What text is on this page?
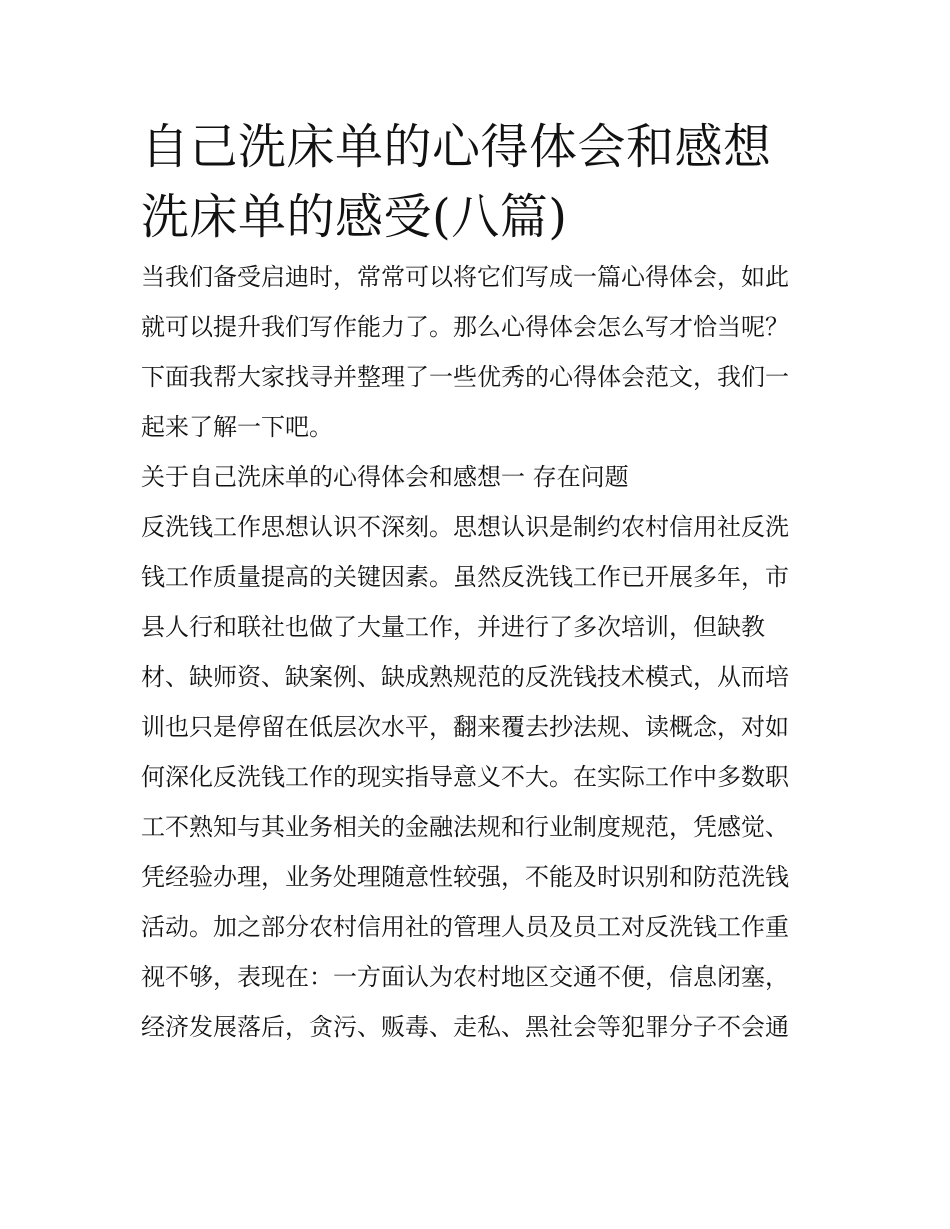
自己洗床单的心得体会和感想
洗床单的感受(八篇)
当我们备受启迪时，常常可以将它们写成一篇心得体会，如此
就可以提升我们写作能力了。那么心得体会怎么写才恰当呢？
下面我帮大家找寻并整理了一些优秀的心得体会范文，我们一
起来了解一下吧。
关于自己洗床单的心得体会和感想一 存在问题
反洗钱工作思想认识不深刻。思想认识是制约农村信用社反洗
钱工作质量提高的关键因素。虽然反洗钱工作已开展多年，市
县人行和联社也做了大量工作，并进行了多次培训，但缺教
材、缺师资、缺案例、缺成熟规范的反洗钱技术模式，从而培
训也只是停留在低层次水平，翻来覆去抄法规、读概念，对如
何深化反洗钱工作的现实指导意义不大。在实际工作中多数职
工不熟知与其业务相关的金融法规和行业制度规范，凭感觉、
凭经验办理，业务处理随意性较强，不能及时识别和防范洗钱
活动。加之部分农村信用社的管理人员及员工对反洗钱工作重
视不够，表现在：一方面认为农村地区交通不便，信息闭塞，
经济发展落后，贪污、贩毒、走私、黑社会等犯罪分子不会通
